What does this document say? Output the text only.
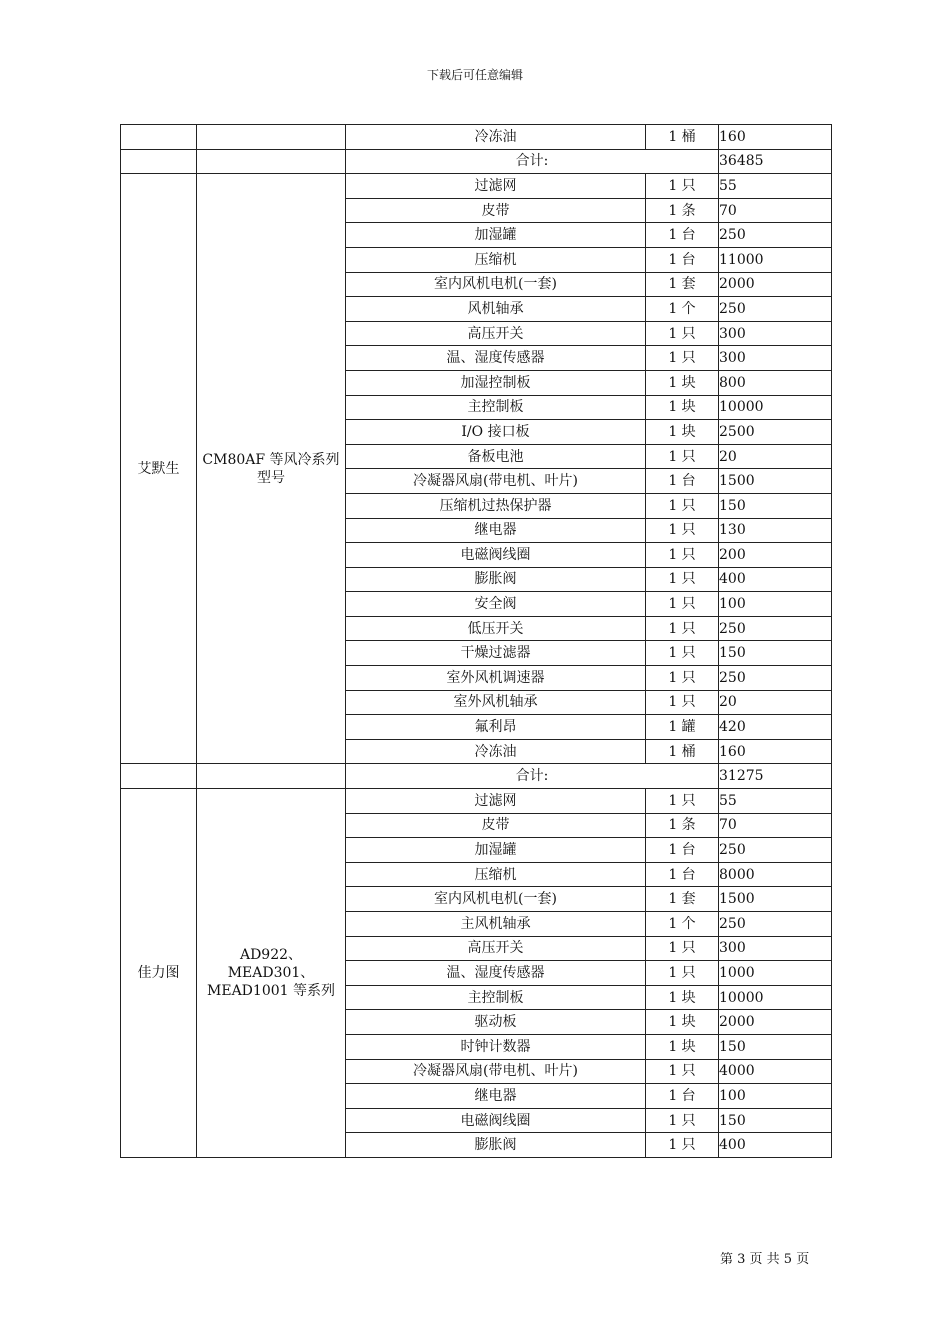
下载后可任意编辑
		冷冻油	1 桶	160
		合计:		36485
艾默生	CM80AF 等风冷系列型号	过滤网	1 只	55
		皮带	1 条	70
		加湿罐	1 台	250
		压缩机	1 台	11000
		室内风机电机(一套)	1 套	2000
		风机轴承	1 个	250
		高压开关	1 只	300
		温、湿度传感器	1 只	300
		加湿控制板	1 块	800
		主控制板	1 块	10000
		I/O 接口板	1 块	2500
		备板电池	1 只	20
		冷凝器风扇(带电机、叶片)	1 台	1500
		压缩机过热保护器	1 只	150
		继电器	1 只	130
		电磁阀线圈	1 只	200
		膨胀阀	1 只	400
		安全阀	1 只	100
		低压开关	1 只	250
		干燥过滤器	1 只	150
		室外风机调速器	1 只	250
		室外风机轴承	1 只	20
		氟利昂	1 罐	420
		冷冻油	1 桶	160
		合计:		31275
佳力图	AD922、MEAD301、MEAD1001 等系列	过滤网	1 只	55
		皮带	1 条	70
		加湿罐	1 台	250
		压缩机	1 台	8000
		室内风机电机(一套)	1 套	1500
		主风机轴承	1 个	250
		高压开关	1 只	300
		温、湿度传感器	1 只	1000
		主控制板	1 块	10000
		驱动板	1 块	2000
		时钟计数器	1 块	150
		冷凝器风扇(带电机、叶片)	1 只	4000
		继电器	1 台	100
		电磁阀线圈	1 只	150
		膨胀阀	1 只	400
第 3 页 共 5 页
